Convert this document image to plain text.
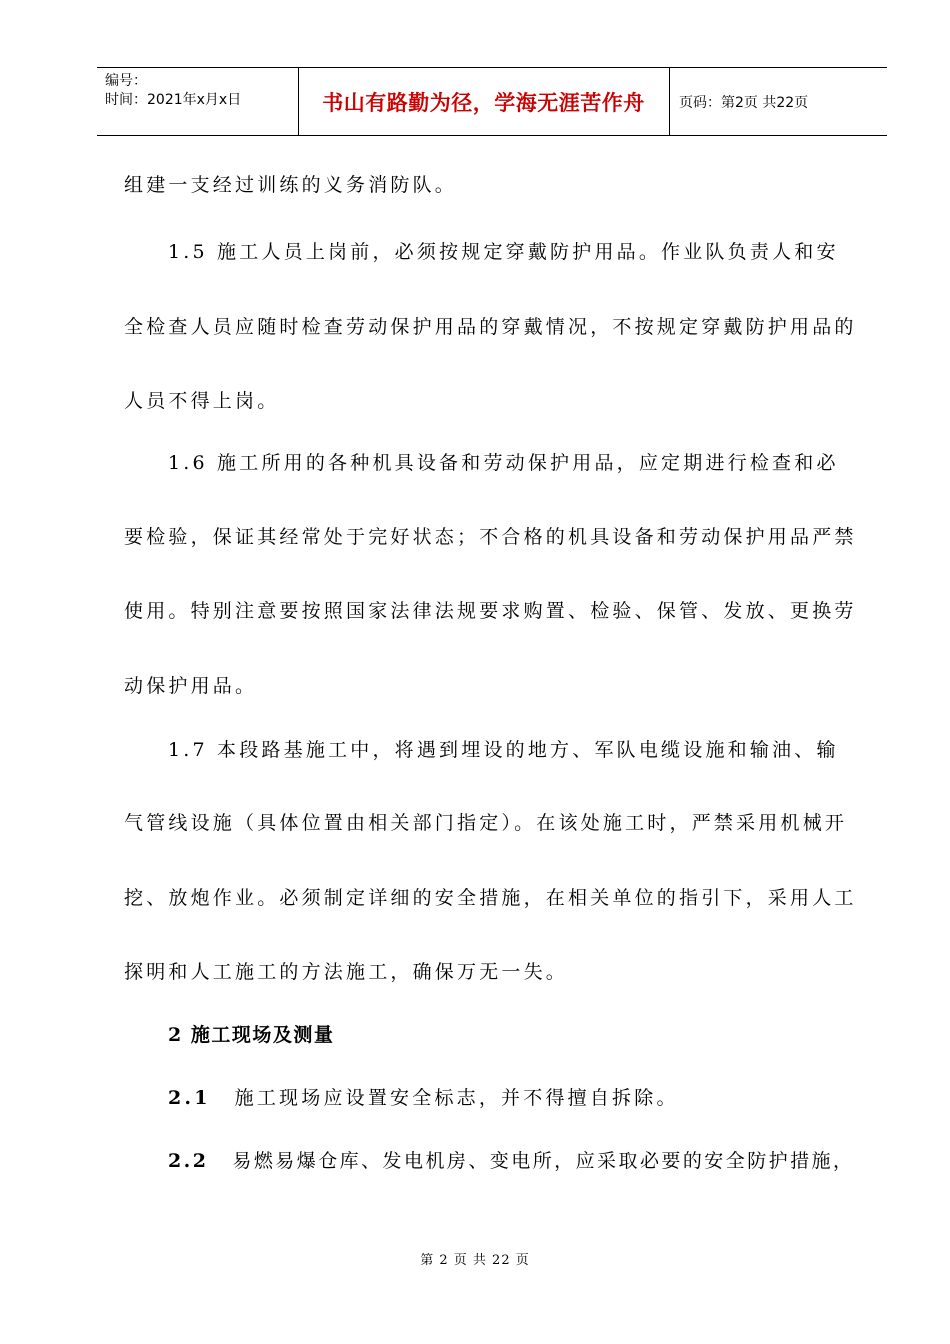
编号：
时间：2021年x月x日	书山有路勤为径，学海无涯苦作舟	页码：第2页 共22页
组建一支经过训练的义务消防队。
1.5 施工人员上岗前，必须按规定穿戴防护用品。作业队负责人和安
全检查人员应随时检查劳动保护用品的穿戴情况，不按规定穿戴防护用品的
人员不得上岗。
1.6 施工所用的各种机具设备和劳动保护用品，应定期进行检查和必
要检验，保证其经常处于完好状态；不合格的机具设备和劳动保护用品严禁
使用。特别注意要按照国家法律法规要求购置、检验、保管、发放、更换劳
动保护用品。
1.7 本段路基施工中，将遇到埋设的地方、军队电缆设施和输油、输
气管线设施（具体位置由相关部门指定）。在该处施工时，严禁采用机械开
挖、放炮作业。必须制定详细的安全措施，在相关单位的指引下，采用人工
探明和人工施工的方法施工，确保万无一失。
2 施工现场及测量
2.1 施工现场应设置安全标志，并不得擅自拆除。
2.2 易燃易爆仓库、发电机房、变电所，应采取必要的安全防护措施，
第 2 页 共 22 页
